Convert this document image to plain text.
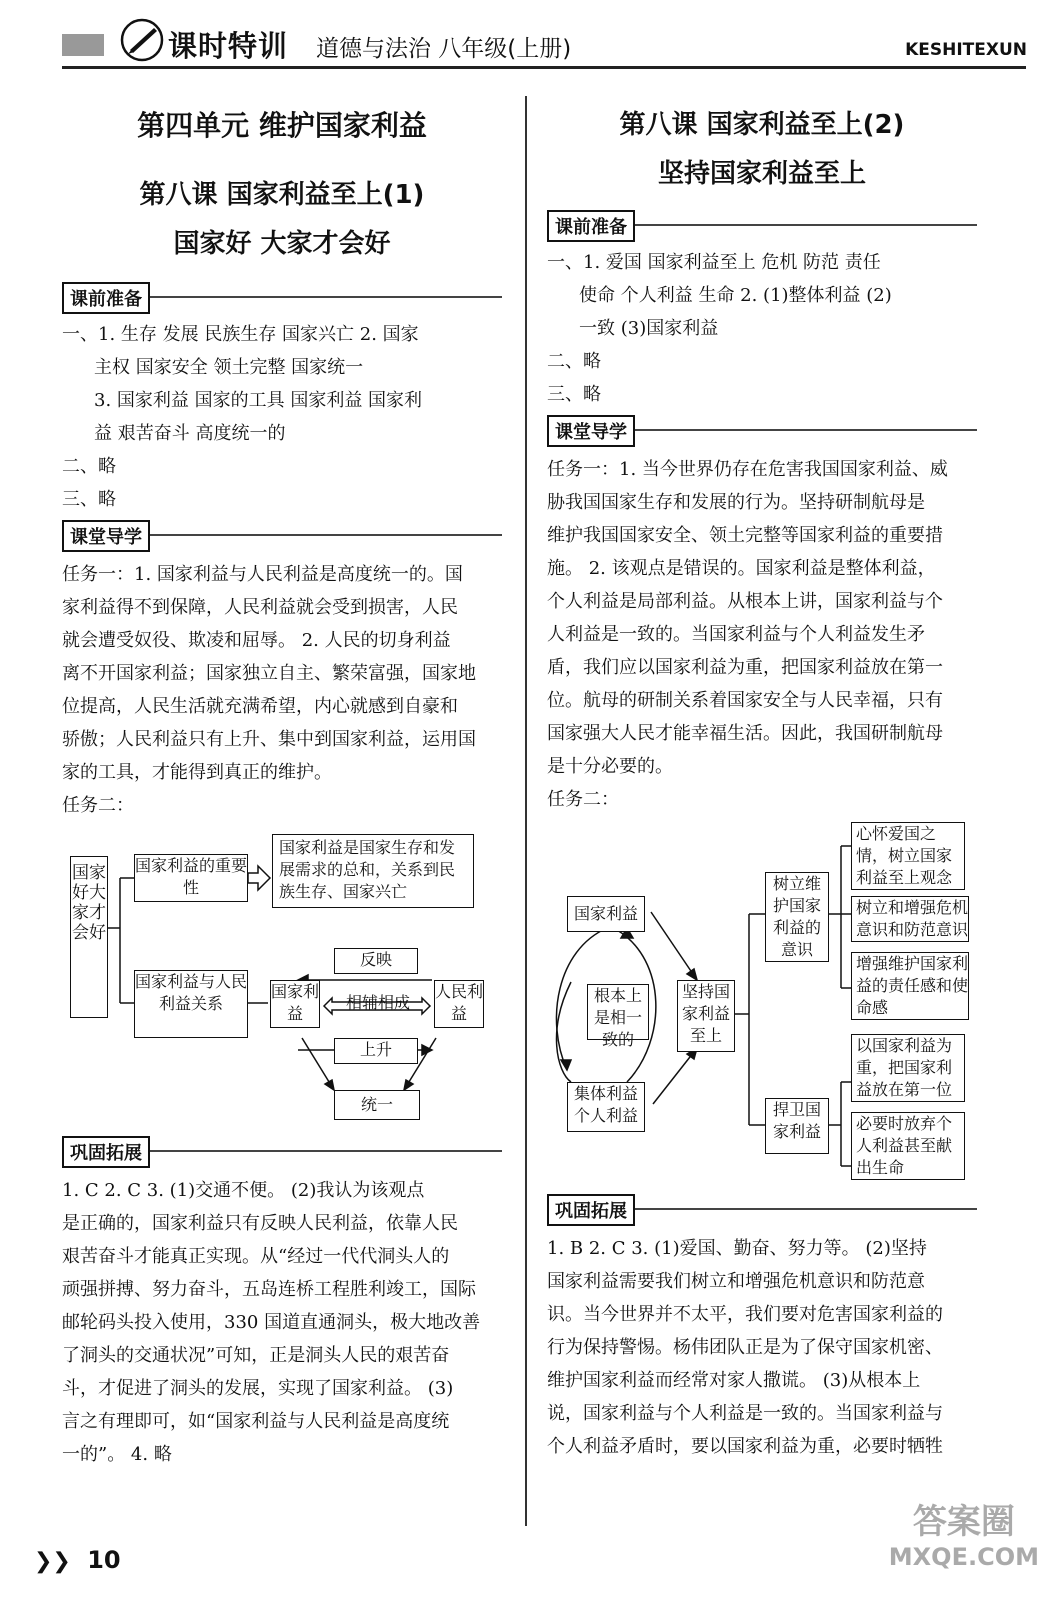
课时特训 道德与法治 八年级(上册)	KESHITEXUN
第四单元 维护国家利益
第八课 国家利益至上(1)
国家好 大家才会好
课前准备

一、1. 生存 发展 民族生存 国家兴亡 2. 国家

主权 国家安全 领土完整 国家统一

3. 国家利益 国家的工具 国家利益 国家利

益 艰苦奋斗 高度统一的

二、略

三、略

课堂导学

任务一：1. 国家利益与人民利益是高度统一的。国

家利益得不到保障，人民利益就会受到损害，人民

就会遭受奴役、欺凌和屈辱。 2. 人民的切身利益

离不开国家利益；国家独立自主、繁荣富强，国家地

位提高，人民生活就充满希望，内心就感到自豪和

骄傲；人民利益只有上升、集中到国家利益，运用国

家的工具，才能得到真正的维护。

任务二：

国家好大家才会好
国家利益的重要性
国家利益是国家生存和发展需求的总和，关系到民族生存、国家兴亡
国家利益与人民利益关系
国家利益
人民利益
反映
相辅相成
上升
统一
巩固拓展

1. C 2. C 3. (1)交通不便。 (2)我认为该观点

是正确的，国家利益只有反映人民利益，依靠人民

艰苦奋斗才能真正实现。从“经过一代代洞头人的

顽强拼搏、努力奋斗，五岛连桥工程胜利竣工，国际

邮轮码头投入使用，330 国道直通洞头，极大地改善

了洞头的交通状况”可知，正是洞头人民的艰苦奋

斗，才促进了洞头的发展，实现了国家利益。 (3)

言之有理即可，如“国家利益与人民利益是高度统

一的”。 4. 略

第八课 国家利益至上(2)
坚持国家利益至上
课前准备

一、1. 爱国 国家利益至上 危机 防范 责任

使命 个人利益 生命 2. (1)整体利益 (2)

一致 (3)国家利益

二、略

三、略

课堂导学

任务一：1. 当今世界仍存在危害我国国家利益、威

胁我国国家生存和发展的行为。坚持研制航母是

维护我国国家安全、领土完整等国家利益的重要措

施。 2. 该观点是错误的。国家利益是整体利益，

个人利益是局部利益。从根本上讲，国家利益与个

人利益是一致的。当国家利益与个人利益发生矛

盾，我们应以国家利益为重，把国家利益放在第一

位。航母的研制关系着国家安全与人民幸福，只有

国家强大人民才能幸福生活。因此，我国研制航母

是十分必要的。

任务二：

国家利益
根本上是相一致的
集体利益个人利益
坚持国家利益至上
树立维护国家利益的意识
捍卫国家利益
心怀爱国之情，树立国家利益至上观念
树立和增强危机意识和防范意识
增强维护国家利益的责任感和使命感
以国家利益为重，把国家利益放在第一位
必要时放弃个人利益甚至献出生命
巩固拓展

1. B 2. C 3. (1)爱国、勤奋、努力等。 (2)坚持

国家利益需要我们树立和增强危机意识和防范意

识。当今世界并不太平，我们要对危害国家利益的

行为保持警惕。杨伟团队正是为了保守国家机密、

维护国家利益而经常对家人撒谎。 (3)从根本上

说，国家利益与个人利益是一致的。当国家利益与

个人利益矛盾时，要以国家利益为重，必要时牺牲

❯❯ 10
答案圈
MXQE.COM
